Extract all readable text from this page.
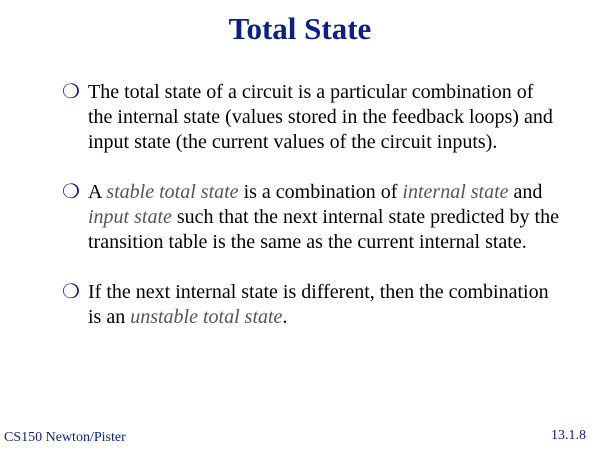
Total State
❍ The total state of a circuit is a particular combination of the internal state (values stored in the feedback loops) and input state (the current values of the circuit inputs).
❍ A stable total state is a combination of internal state and input state such that the next internal state predicted by the transition table is the same as the current internal state.
❍ If the next internal state is different, then the combination is an unstable total state.
CS150 Newton/Pister	13.1.8
